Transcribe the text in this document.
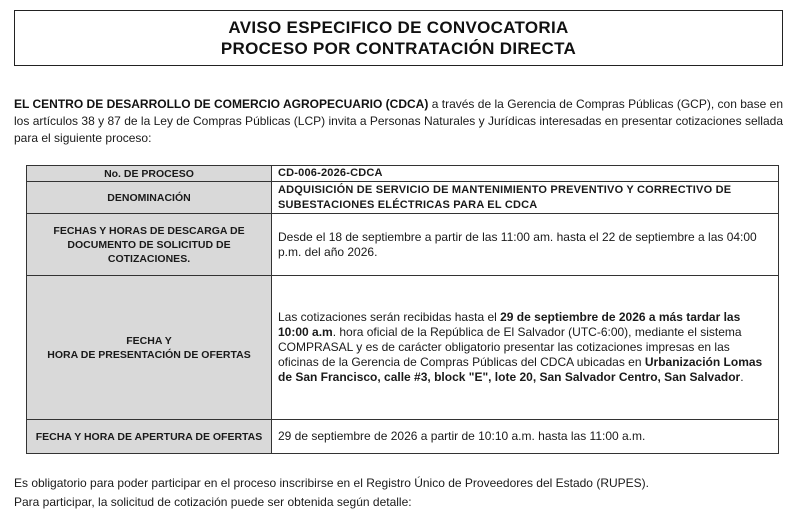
AVISO ESPECIFICO DE CONVOCATORIA
PROCESO POR CONTRATACIÓN DIRECTA
EL CENTRO DE DESARROLLO DE COMERCIO AGROPECUARIO (CDCA) a través de la Gerencia de Compras Públicas (GCP), con base en los artículos 38 y 87 de la Ley de Compras Públicas (LCP) invita a Personas Naturales y Jurídicas interesadas en presentar cotizaciones sellada para el siguiente proceso:
No. DE PROCESO	CD-006-2026-CDCA
DENOMINACIÓN	ADQUISICIÓN DE SERVICIO DE MANTENIMIENTO PREVENTIVO Y CORRECTIVO DE SUBESTACIONES ELÉCTRICAS PARA EL CDCA
FECHAS Y HORAS DE DESCARGA DE DOCUMENTO DE SOLICITUD DE COTIZACIONES.	Desde el 18 de septiembre a partir de las 11:00 am. hasta el 22 de septiembre a las 04:00 p.m. del año 2026.
FECHA Y
HORA DE PRESENTACIÓN DE OFERTAS	Las cotizaciones serán recibidas hasta el 29 de septiembre de 2026 a más tardar las 10:00 a.m. hora oficial de la República de El Salvador (UTC-6:00), mediante el sistema COMPRASAL y es de carácter obligatorio presentar las cotizaciones impresas en las oficinas de la Gerencia de Compras Públicas del CDCA ubicadas en Urbanización Lomas de San Francisco, calle #3, block "E", lote 20, San Salvador Centro, San Salvador.
FECHA Y HORA DE APERTURA DE OFERTAS	29 de septiembre de 2026 a partir de 10:10 a.m. hasta las 11:00 a.m.

Es obligatorio para poder participar en el proceso inscribirse en el Registro Único de Proveedores del Estado (RUPES).

Para participar, la solicitud de cotización puede ser obtenida según detalle:
